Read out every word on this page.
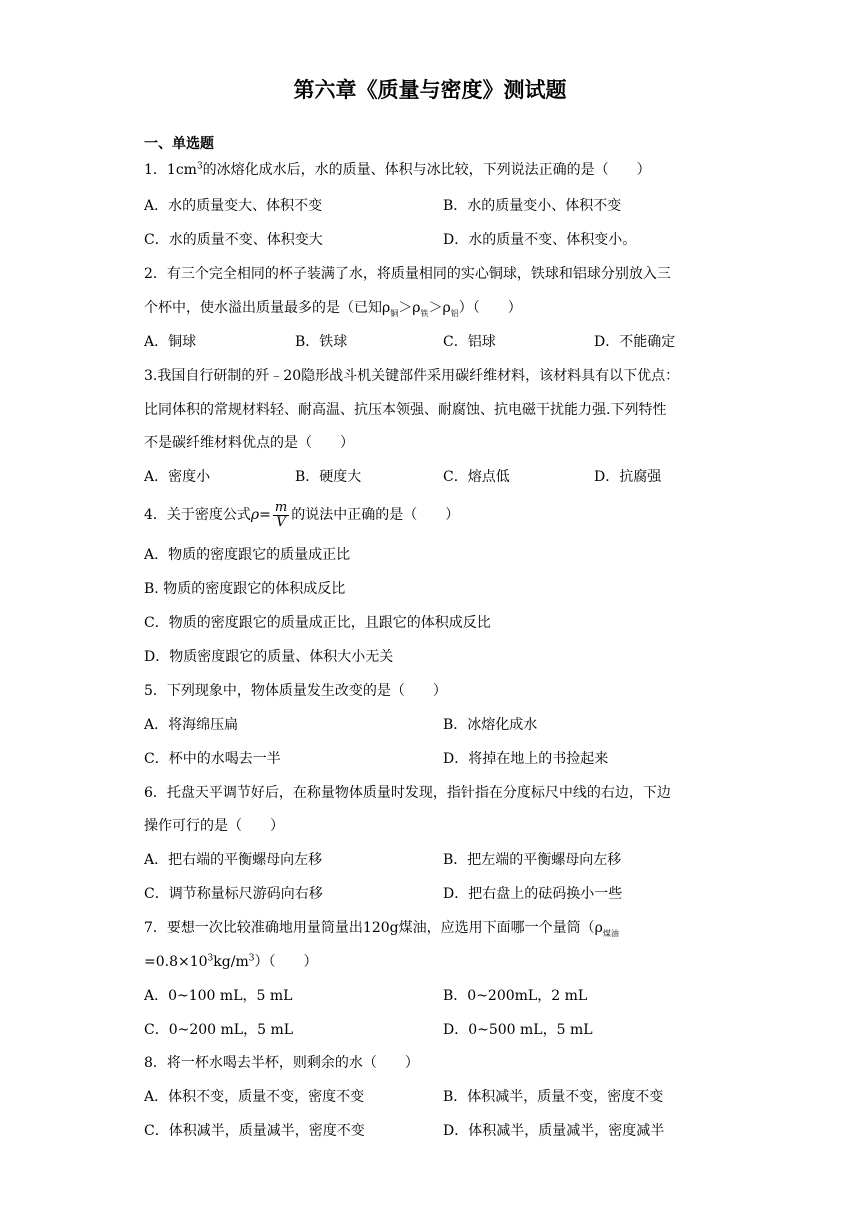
第六章《质量与密度》测试题
一、单选题
1．$1cm^3$的冰熔化成水后，水的质量、体积与冰比较，下列说法正确的是（　　）
A．水的质量变大、体积不变	B．水的质量变小、体积不变
C．水的质量不变、体积变大	D．水的质量不变、体积变小。
2．有三个完全相同的杯子装满了水，将质量相同的实心铜球，铁球和铝球分别放入三
个杯中，使水溢出质量最多的是（已知$\rho_铜>\rho_铁>\rho_铝$）（　　）
A．铜球	B．铁球	C．铝球	D．不能确定
3.我国自行研制的歼﹣20隐形战斗机关键部件采用碳纤维材料，该材料具有以下优点：
比同体积的常规材料轻、耐高温、抗压本领强、耐腐蚀、抗电磁干扰能力强.下列特性
不是碳纤维材料优点的是（　　）
A．密度小	B．硬度大	C．熔点低	D．抗腐强
4．关于密度公式$\rho= \frac{m}{V}$ 的说法中正确的是（　　）
A．物质的密度跟它的质量成正比
B. 物质的密度跟它的体积成反比
C．物质的密度跟它的质量成正比，且跟它的体积成反比
D．物质密度跟它的质量、体积大小无关
5．下列现象中，物体质量发生改变的是（　　）
A．将海绵压扁	B．冰熔化成水
C．杯中的水喝去一半	D．将掉在地上的书捡起来
6．托盘天平调节好后，在称量物体质量时发现，指针指在分度标尺中线的右边，下边
操作可行的是（　　）
A．把右端的平衡螺母向左移	B．把左端的平衡螺母向左移
C．调节称量标尺游码向右移	D．把右盘上的砝码换小一些
7．要想一次比较准确地用量筒量出120g煤油，应选用下面哪一个量筒（$\rho_{煤油}$
$=0.8\times 10^3kg/m^3$）（　　）
A．0~100 mL，5 mL	B．0~200mL，2 mL
C．0~200 mL，5 mL	D．0~500 mL，5 mL
8．将一杯水喝去半杯，则剩余的水（　　）
A．体积不变，质量不变，密度不变	B．体积减半，质量不变，密度不变
C．体积减半，质量减半，密度不变	D．体积减半，质量减半，密度减半
